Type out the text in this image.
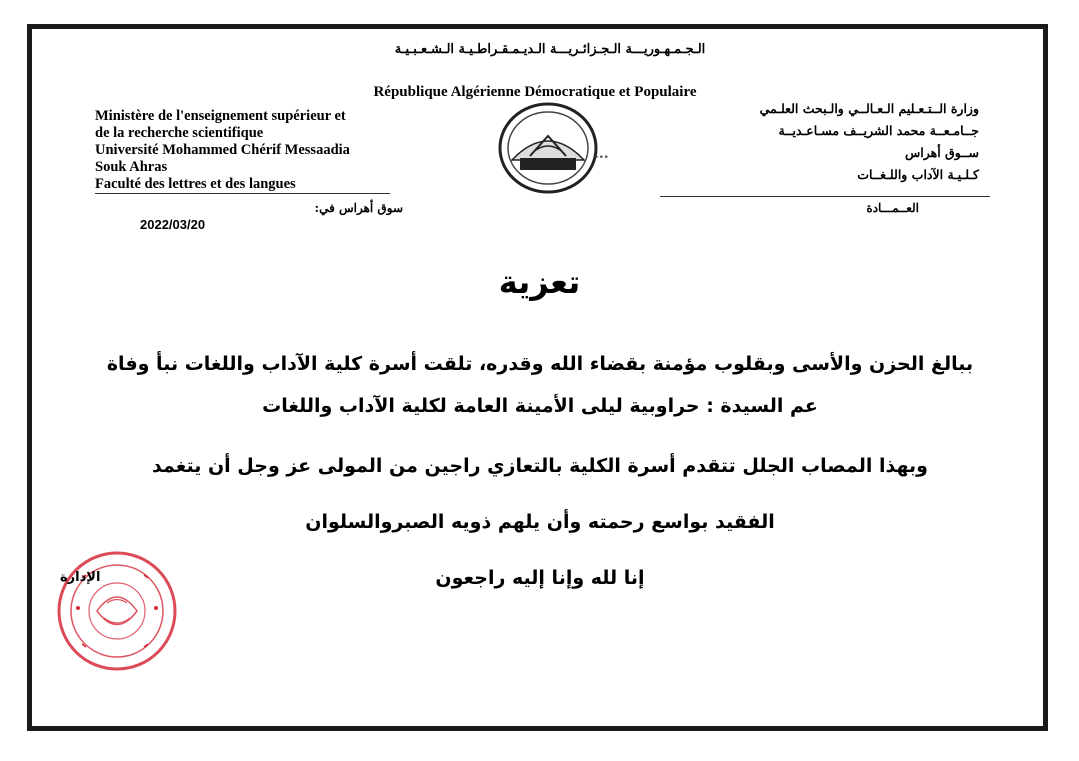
الـجـمـهـوريـــة الـجـزائـريـــة الـديـمـقـراطـيـة الـشـعـبـيـة
République Algérienne Démocratique et Populaire
Ministère de l'enseignement supérieur et
de la recherche scientifique
Université Mohammed Chérif Messaadia
Souk Ahras
Faculté des lettres et des langues
وزارة الــتـعـليم الـعـالــي والـبحث العلـمي
جــامـعــة محمد الشريــف مسـاعـديــة
ســوق أهراس
كـلـيـة الآداب واللـغــات
...
سوق أهراس في:	العــمـــادة
2022/03/20
تعزية
ببالغ الحزن والأسى وبقلوب مؤمنة بقضاء الله وقدره، تلقت أسرة كلية الآداب واللغات نبأ وفاة
عم السيدة : حراوبية ليلى الأمينة العامة لكلية الآداب واللغات
وبهذا المصاب الجلل تتقدم أسرة الكلية بالتعازي راجين من المولى عز وجل أن يتغمد
الفقيد بواسع رحمته وأن يلهم ذويه الصبروالسلوان
إنا لله وإنا إليه راجعون
الإدارة
